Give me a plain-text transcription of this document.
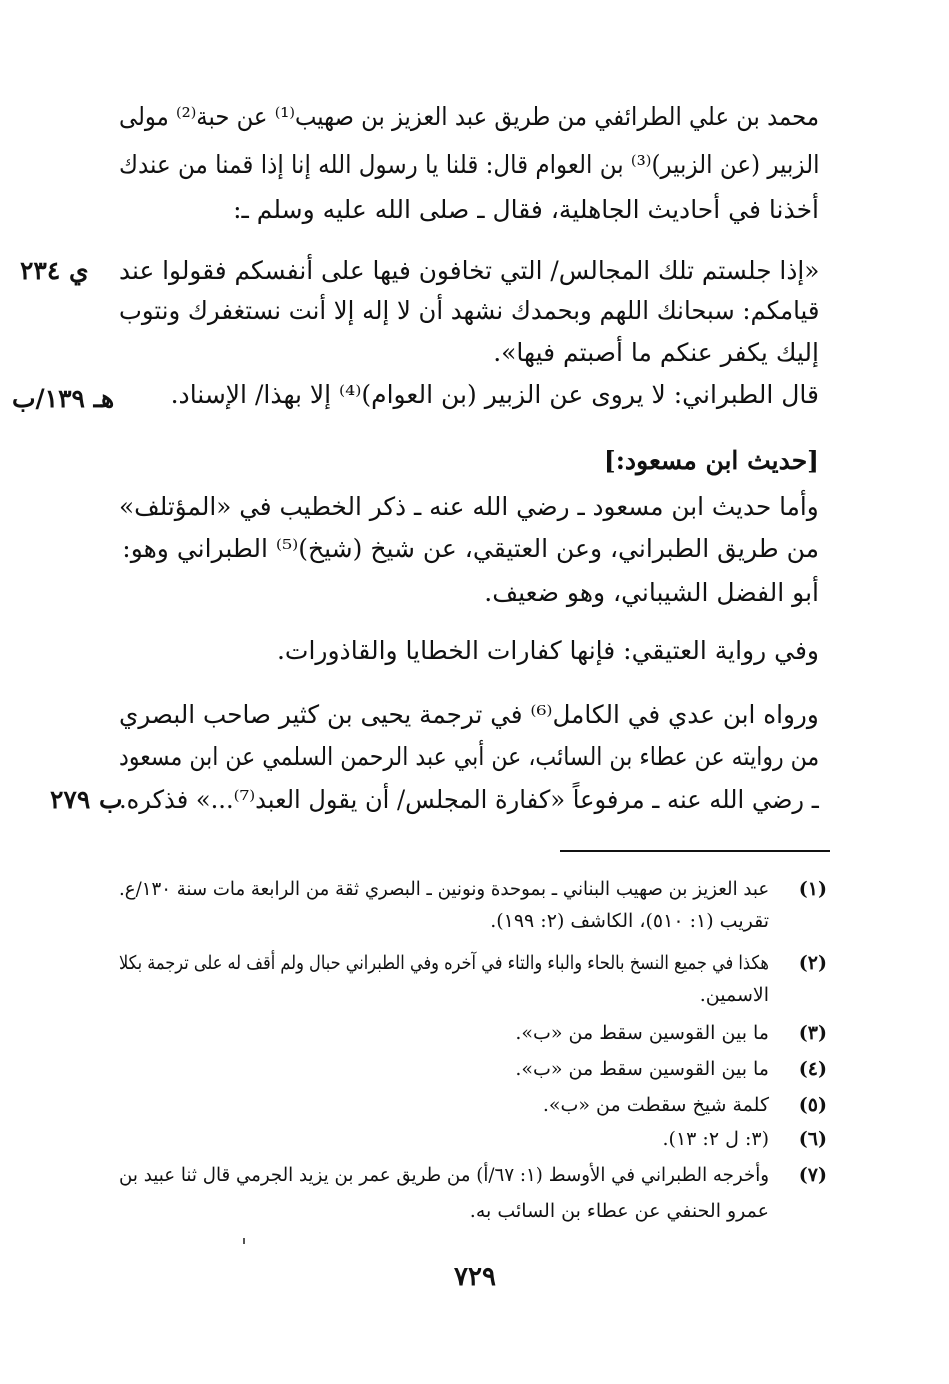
محمد بن علي الطرائفي من طريق عبد العزيز بن صهيب⁽¹⁾ عن حبة⁽²⁾ مولى
الزبير (عن الزبير)⁽³⁾ بن العوام قال: قلنا يا رسول الله إنا إذا قمنا من عندك
أخذنا في أحاديث الجاهلية، فقال ـ صلى الله عليه وسلم ـ:
«إذا جلستم تلك المجالس/ التي تخافون فيها على أنفسكم فقولوا عند
قيامكم: سبحانك اللهم وبحمدك نشهد أن لا إله إلا أنت نستغفرك ونتوب
إليك يكفر عنكم ما أصبتم فيها».
قال الطبراني: لا يروى عن الزبير (بن العوام)⁽⁴⁾ إلا بهذا/ الإسناد.
[حديث ابن مسعود:]
وأما حديث ابن مسعود ـ رضي الله عنه ـ ذكر الخطيب في «المؤتلف»
من طريق الطبراني، وعن العتيقي، عن شيخ (شيخ)⁽⁵⁾ الطبراني وهو:
أبو الفضل الشيباني، وهو ضعيف.
وفي رواية العتيقي: فإنها كفارات الخطايا والقاذورات.
ورواه ابن عدي في الكامل⁽⁶⁾ في ترجمة يحيى بن كثير صاحب البصري
من روايته عن عطاء بن السائب، عن أبي عبد الرحمن السلمي عن ابن مسعود
ـ رضي الله عنه ـ مرفوعاً «كفارة المجلس/ أن يقول العبد⁽⁷⁾...» فذكره.
ي ٢٣٤
هـ ١٣٩/ب
ب ٢٧٩
(١)
عبد العزيز بن صهيب البناني ـ بموحدة ونونين ـ البصري ثقة من الرابعة مات سنة ١٣٠/ع.
تقريب (١: ٥١٠)، الكاشف (٢: ١٩٩).
(٢)
هكذا في جميع النسخ بالحاء والباء والتاء في آخره وفي الطبراني حبال ولم أقف له على ترجمة بكلا
الاسمين.
(٣)
ما بين القوسين سقط من «ب».
(٤)
ما بين القوسين سقط من «ب».
(٥)
كلمة شيخ سقطت من «ب».
(٦)
(٣: ل ٢: ١٣).
(٧)
وأخرجه الطبراني في الأوسط (١: ٦٧/أ) من طريق عمر بن يزيد الجرمي قال ثنا عبيد بن
عمرو الحنفي عن عطاء بن السائب به.
٧٢٩
